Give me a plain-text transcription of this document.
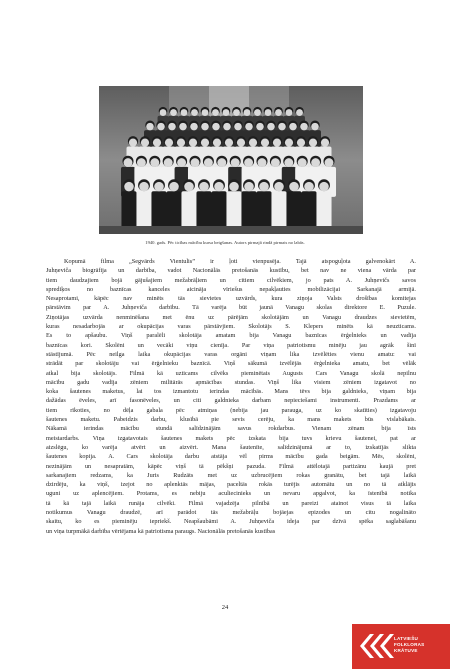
1940. gads. Pēc ticības mācību kursa beigšanas. Autors pirmajā rindā pirmais no labās.
Kopumā filma „Segvārds Vientulis” ir ļoti vienpusēja. Tajā atspoguļota galvenokārt A.
Juhņeviča biogrāfija un darbība, vadot Nacionālās pretošanās kustību, bet nav ne viena vārda par
tiem daudzajiem bojā gājušajiem mežabrāļiem un citiem cilvēkiem, jo pats A. Juhņevičs savos
sprediķos no baznīcas kanceles aicināja vīriešus nepakļauties mobilizācijai Sarkanajā armijā.
Nesaprotami, kāpēc nav minēts tās sievietes uzvārds, kura ziņoja Valsts drošības komitejas
pārstāvim par A. Juhņeviča darbību. Tā varēja būt jaunā Vanagu skolas direktore E. Puzule.
Ziņotājas uzvārda nenminēšana met ēnu uz pārējām skolotājām un Vanagu draudzes sievietēm,
kuras nesadarbojās ar okupācijas varas pārstāvjiem. Skolotājs S. Klepers minēts kā neuzticams.
Es to apšaubu. Viņš paralēli skolotāja amatam bija Vanagu baznīcas ērģelnieks un vadīja
baznīcas kori. Skolēni un vecāki viņu cienīja. Par viņa patriotismu minēju jau agrāk šinī
stāstījumā. Pēc neilga laika okupācijas varas orgāni viņam lika izvēlēties vienu amatu: vai
strādāt par skolotāju vai ērģelnieku baznīcā. Viņš sākumā izvēlējās ērģelnieka amatu, bet vēlāk
atkal bija skolotājs. Filmā kā uzticams cilvēks pieminētais Augusts Cars Vanagu skolā nepilnu
mācību gadu vadīja zēniem militārās apmācības stundas. Viņš lika visiem zēniem izgatavot no
koka šautenes maketus, lai tos izmantotu ierindas mācībās. Mans tēvs bija galdnieks, viņam bija
dažādas ēveles, arī fasonēveles, un citi galdnieka darbam nepieciešami instrumenti. Prazdams ar
tiem rīkoties, no dēļa gabala pēc atmiņas (nebija jau parauga, uz ko skatīties) izgatavoju
šautenes maketu. Pabeidzis darbu, klusībā pie sevis cerēju, ka mans makets būs vislabākais.
Nākamā ierindas mācību stundā salīdzinājām savus rokdarbus. Vienam zēnam bija īsts
meistardarbs. Viņa izgatavotais šautenes makets pēc izskata bija tuvs krievu šautenei, pat ar
aizslēgu, ko varēja atvērt un aizvērt. Mana šautenīte, salīdzinājumā ar to, izskatījās slikta
šautenes kopija. A. Cars skolotāja darbu atstāja vēl pirms mācību gada beigām. Mēs, skolēni,
nezinājām un nesapratām, kāpēc viņš tā pēkšņi pazuda. Filmā attēlotajā partizānu kaujā pret
sarkanajiem redzams, ka Juris Rudzāts met uz uzbrucējiem rokas granātu, bet tajā laikā
dzirdēju, ka viņš, izejot no aplenktās mājas, paceltās rokās turējis automātu un no tā atklājis
uguni uz aplencējiem. Protams, es nebiju aculiecinieks un nevaru apgalvot, ka īstenībā notika
tā kā tajā laikā runāja cilvēki. Filmā vajadzēja pilnībā un pareizi atainot visus tā laika
notikumus Vanagu draudzē, arī parādot tās mežabrāļu bojāejas epizodes un citu nogalināto
skaitu, ko es pieminēju iepriekš. Neapšaubāmi A. Juhņeviča ideja par dzīvā spēka saglabāšanu
un viņa turpmākā darbība vērtējama kā patriotisma paraugs. Nacionālās pretošanās kustības
24
LATVIEŠU
FOLKLORAS
KRĀTUVE
